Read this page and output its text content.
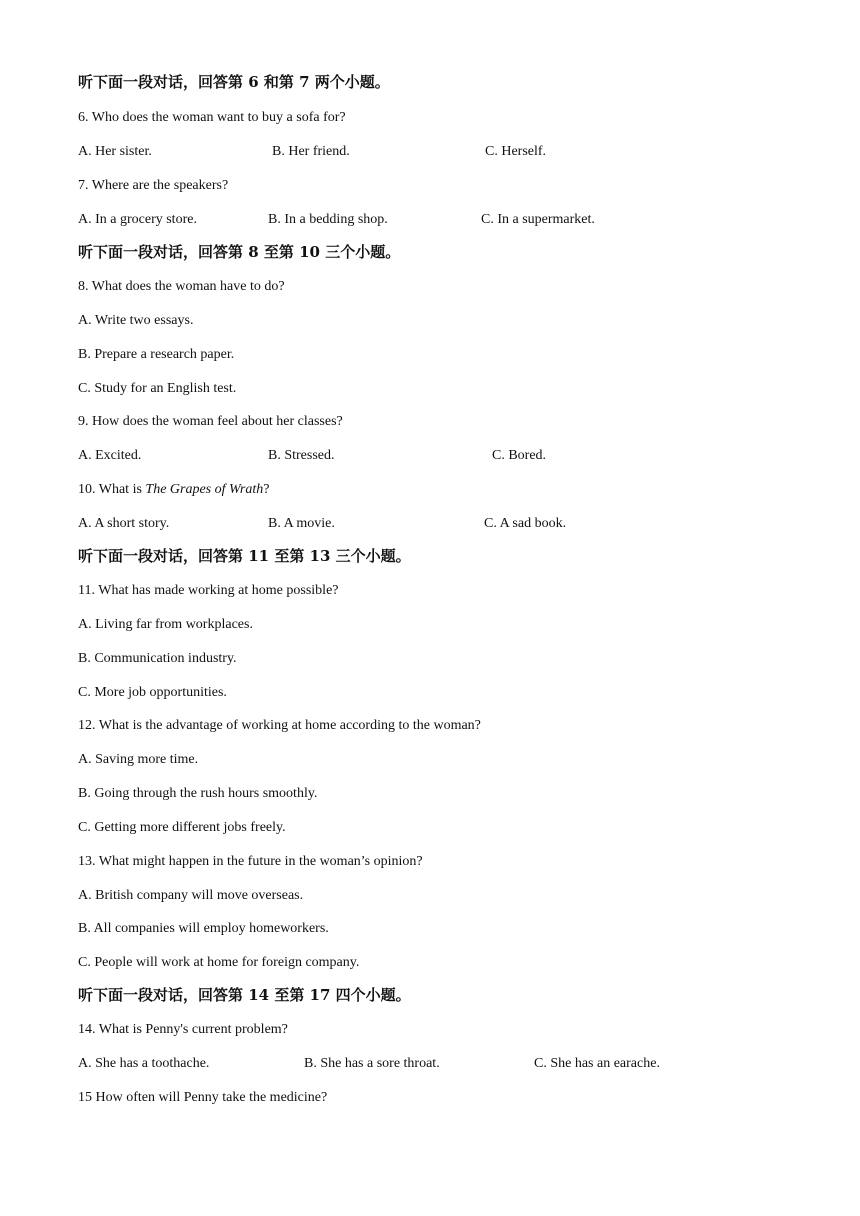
听下面一段对话，回答第 6 和第 7 两个小题。
6. Who does the woman want to buy a sofa for?
A. Her sister.	B. Her friend.	C. Herself.
7. Where are the speakers?
A. In a grocery store.	B. In a bedding shop.	C. In a supermarket.
听下面一段对话，回答第 8 至第 10 三个小题。
8. What does the woman have to do?
A. Write two essays.
B. Prepare a research paper.
C. Study for an English test.
9. How does the woman feel about her classes?
A. Excited.	B. Stressed.	C. Bored.
10. What is The Grapes of Wrath?
A. A short story.	B. A movie.	C. A sad book.
听下面一段对话，回答第 11 至第 13 三个小题。
11. What has made working at home possible?
A. Living far from workplaces.
B. Communication industry.
C. More job opportunities.
12. What is the advantage of working at home according to the woman?
A. Saving more time.
B. Going through the rush hours smoothly.
C. Getting more different jobs freely.
13. What might happen in the future in the woman’s opinion?
A. British company will move overseas.
B. All companies will employ homeworkers.
C. People will work at home for foreign company.
听下面一段对话，回答第 14 至第 17 四个小题。
14. What is Penny's current problem?
A. She has a toothache.	B. She has a sore throat.	C. She has an earache.
15 How often will Penny take the medicine?
